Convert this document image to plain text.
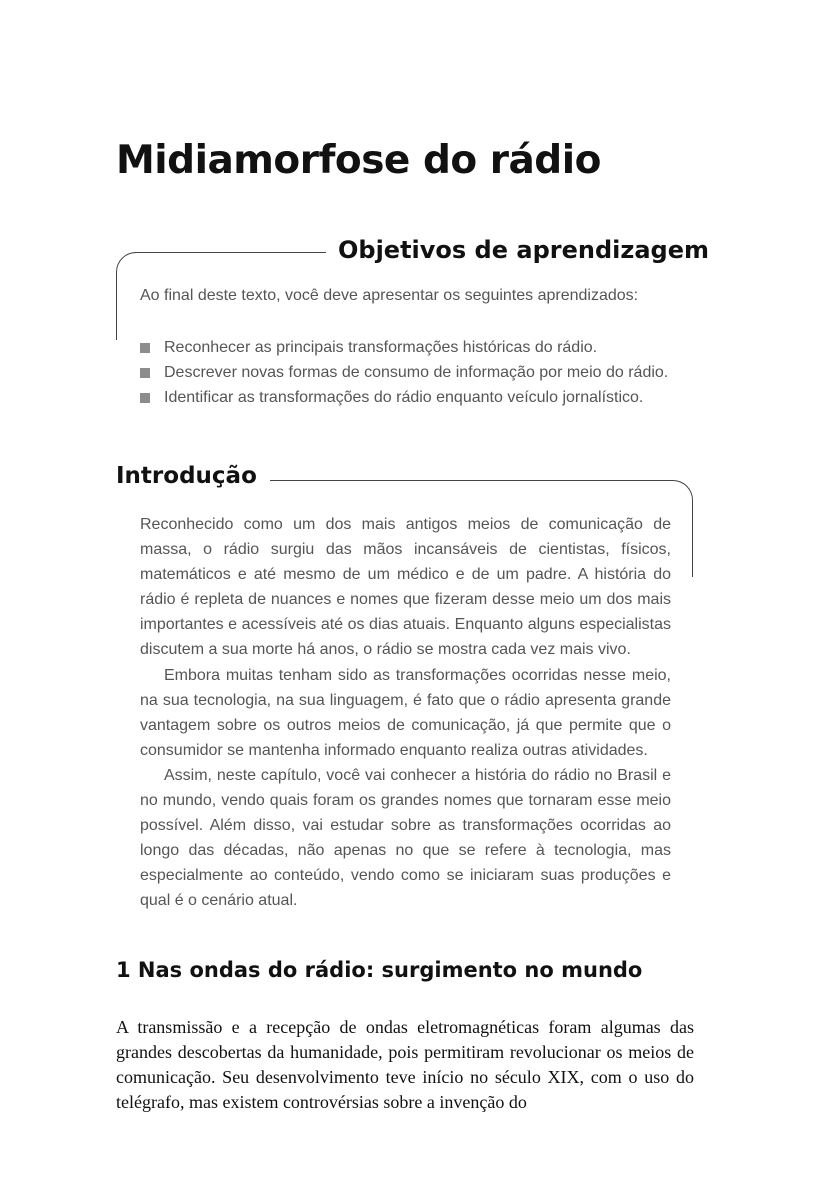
Midiamorfose do rádio
Objetivos de aprendizagem
Ao final deste texto, você deve apresentar os seguintes aprendizados:
Reconhecer as principais transformações históricas do rádio.
Descrever novas formas de consumo de informação por meio do rádio.
Identificar as transformações do rádio enquanto veículo jornalístico.
Introdução

Reconhecido como um dos mais antigos meios de comunicação de massa, o rádio surgiu das mãos incansáveis de cientistas, físicos, matemáticos e até mesmo de um médico e de um padre. A história do rádio é repleta de nuances e nomes que fizeram desse meio um dos mais importantes e acessíveis até os dias atuais. Enquanto alguns especialistas discutem a sua morte há anos, o rádio se mostra cada vez mais vivo.

Embora muitas tenham sido as transformações ocorridas nesse meio, na sua tecnologia, na sua linguagem, é fato que o rádio apresenta grande vantagem sobre os outros meios de comunicação, já que permite que o consumidor se mantenha informado enquanto realiza outras atividades.

Assim, neste capítulo, você vai conhecer a história do rádio no Brasil e no mundo, vendo quais foram os grandes nomes que tornaram esse meio possível. Além disso, vai estudar sobre as transformações ocorridas ao longo das décadas, não apenas no que se refere à tecnologia, mas especialmente ao conteúdo, vendo como se iniciaram suas produções e qual é o cenário atual.

1 Nas ondas do rádio: surgimento no mundo

A transmissão e a recepção de ondas eletromagnéticas foram algumas das grandes descobertas da humanidade, pois permitiram revolucionar os meios de comunicação. Seu desenvolvimento teve início no século XIX, com o uso do telégrafo, mas existem controvérsias sobre a invenção do
